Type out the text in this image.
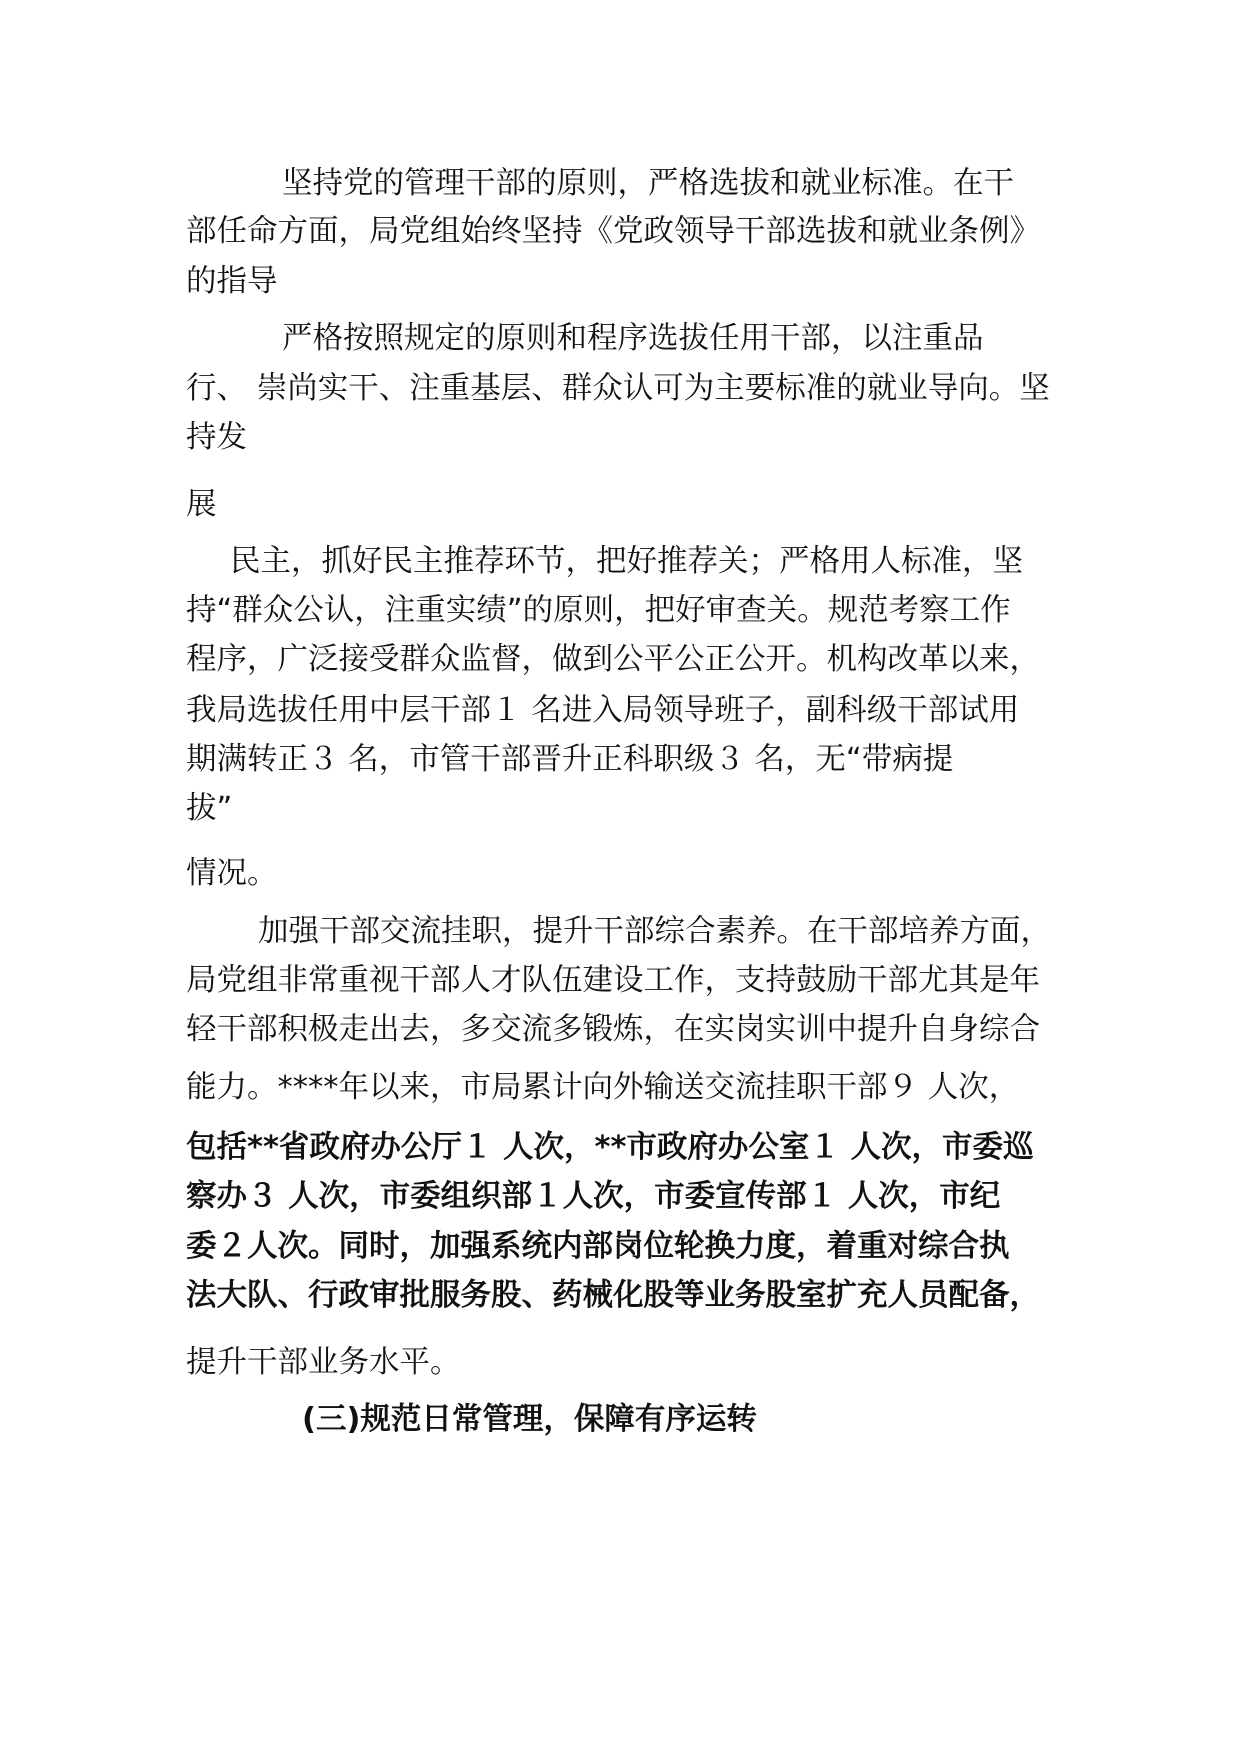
坚持党的管理干部的原则，严格选拔和就业标准。在干
部任命方面，局党组始终坚持《党政领导干部选拔和就业条例》
的指导
严格按照规定的原则和程序选拔任用干部，以注重品
行、 崇尚实干、注重基层、群众认可为主要标准的就业导向。坚
持发
展
民主，抓好民主推荐环节，把好推荐关；严格用人标准，坚
持“群众公认，注重实绩”的原则，把好审查关。规范考察工作
程序，广泛接受群众监督，做到公平公正公开。机构改革以来，
我局选拔任用中层干部１ 名进入局领导班子，副科级干部试用
期满转正３ 名，市管干部晋升正科职级３ 名，无“带病提
拔”
情况。
加强干部交流挂职，提升干部综合素养。在干部培养方面，
局党组非常重视干部人才队伍建设工作，支持鼓励干部尤其是年
轻干部积极走出去，多交流多锻炼，在实岗实训中提升自身综合
能力。****年以来，市局累计向外输送交流挂职干部９ 人次，
包括**省政府办公厅１ 人次，**市政府办公室１ 人次，市委巡
察办３ 人次，市委组织部１人次，市委宣传部１ 人次，市纪
委２人次。同时，加强系统内部岗位轮换力度，着重对综合执
法大队、行政审批服务股、药械化股等业务股室扩充人员配备，
提升干部业务水平。
(三)规范日常管理，保障有序运转
